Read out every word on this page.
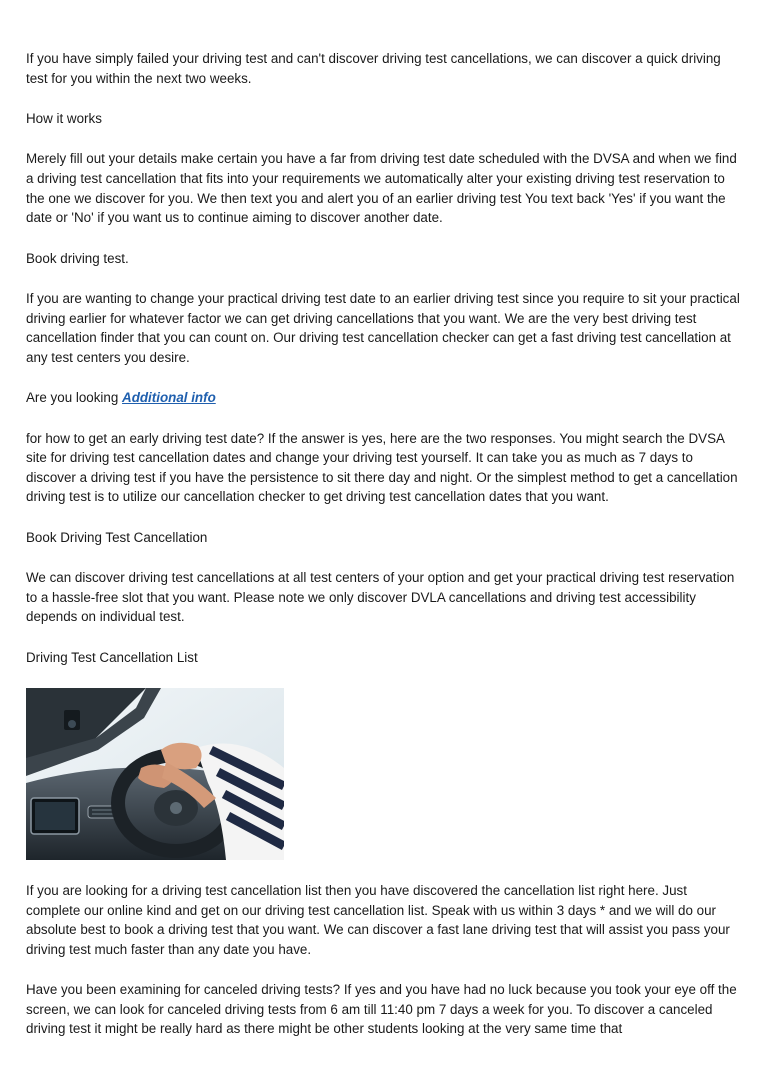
If you have simply failed your driving test and can't discover driving test cancellations, we can discover a quick driving test for you within the next two weeks.

How it works

Merely fill out your details make certain you have a far from driving test date scheduled with the DVSA and when we find a driving test cancellation that fits into your requirements we automatically alter your existing driving test reservation to the one we discover for you. We then text you and alert you of an earlier driving test You text back 'Yes' if you want the date or 'No' if you want us to continue aiming to discover another date.

Book driving test.

If you are wanting to change your practical driving test date to an earlier driving test since you require to sit your practical driving earlier for whatever factor we can get driving cancellations that you want. We are the very best driving test cancellation finder that you can count on. Our driving test cancellation checker can get a fast driving test cancellation at any test centers you desire.

Are you looking Additional info

for how to get an early driving test date? If the answer is yes, here are the two responses. You might search the DVSA site for driving test cancellation dates and change your driving test yourself. It can take you as much as 7 days to discover a driving test if you have the persistence to sit there day and night. Or the simplest method to get a cancellation driving test is to utilize our cancellation checker to get driving test cancellation dates that you want.

Book Driving Test Cancellation

We can discover driving test cancellations at all test centers of your option and get your practical driving test reservation to a hassle-free slot that you want. Please note we only discover DVLA cancellations and driving test accessibility depends on individual test.

Driving Test Cancellation List

If you are looking for a driving test cancellation list then you have discovered the cancellation list right here. Just complete our online kind and get on our driving test cancellation list. Speak with us within 3 days * and we will do our absolute best to book a driving test that you want. We can discover a fast lane driving test that will assist you pass your driving test much faster than any date you have.

Have you been examining for canceled driving tests? If yes and you have had no luck because you took your eye off the screen, we can look for canceled driving tests from 6 am till 11:40 pm 7 days a week for you. To discover a canceled driving test it might be really hard as there might be other students looking at the very same time that
